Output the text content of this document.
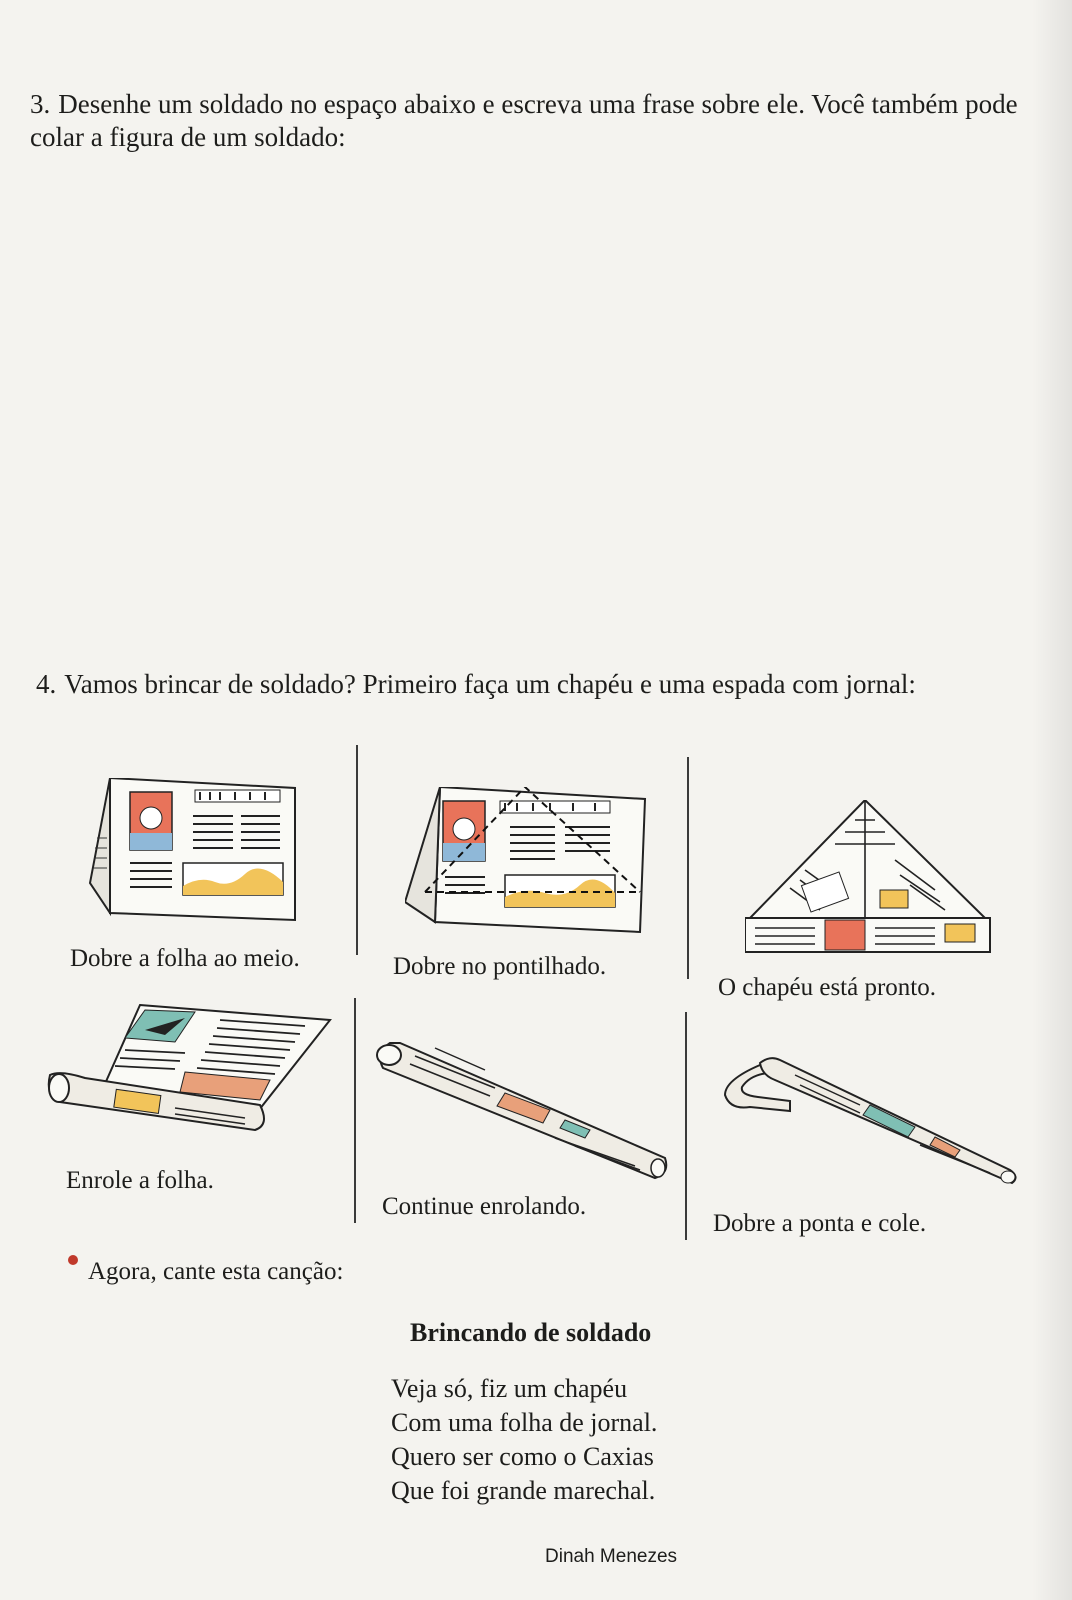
3. Desenhe um soldado no espaço abaixo e escreva uma frase sobre ele. Você também pode colar a figura de um soldado:
4. Vamos brincar de soldado? Primeiro faça um chapéu e uma espada com jornal:
Dobre a folha ao meio.	Dobre no pontilhado.
O chapéu está pronto.
Enrole a folha.
Continue enrolando.
Dobre a ponta e cole.
Agora, cante esta canção:
Brincando de soldado
Veja só, fiz um chapéu
Com uma folha de jornal.
Quero ser como o Caxias
Que foi grande marechal.
Dinah Menezes
